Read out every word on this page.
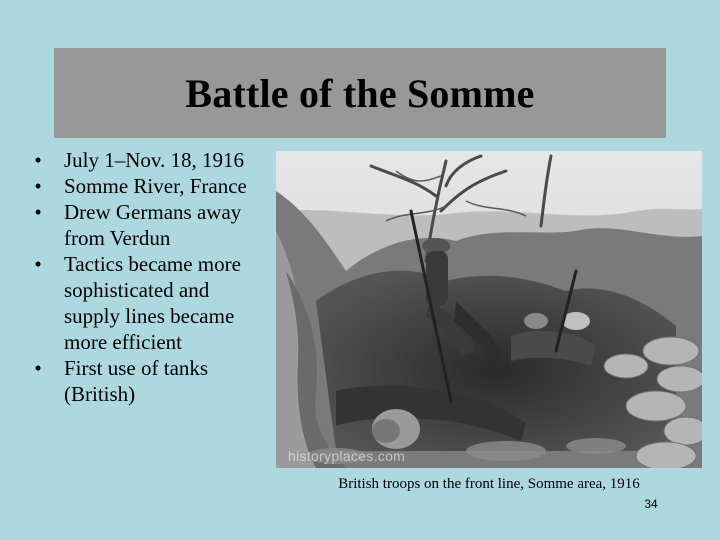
Battle of the Somme
•	July 1–Nov. 18, 1916
•	Somme River, France
•	Drew Germans away from Verdun
•	Tactics became more sophisticated and supply lines became more efficient
•	First use of tanks (British)
historyplaces.com
British troops on the front line, Somme area, 1916
34
